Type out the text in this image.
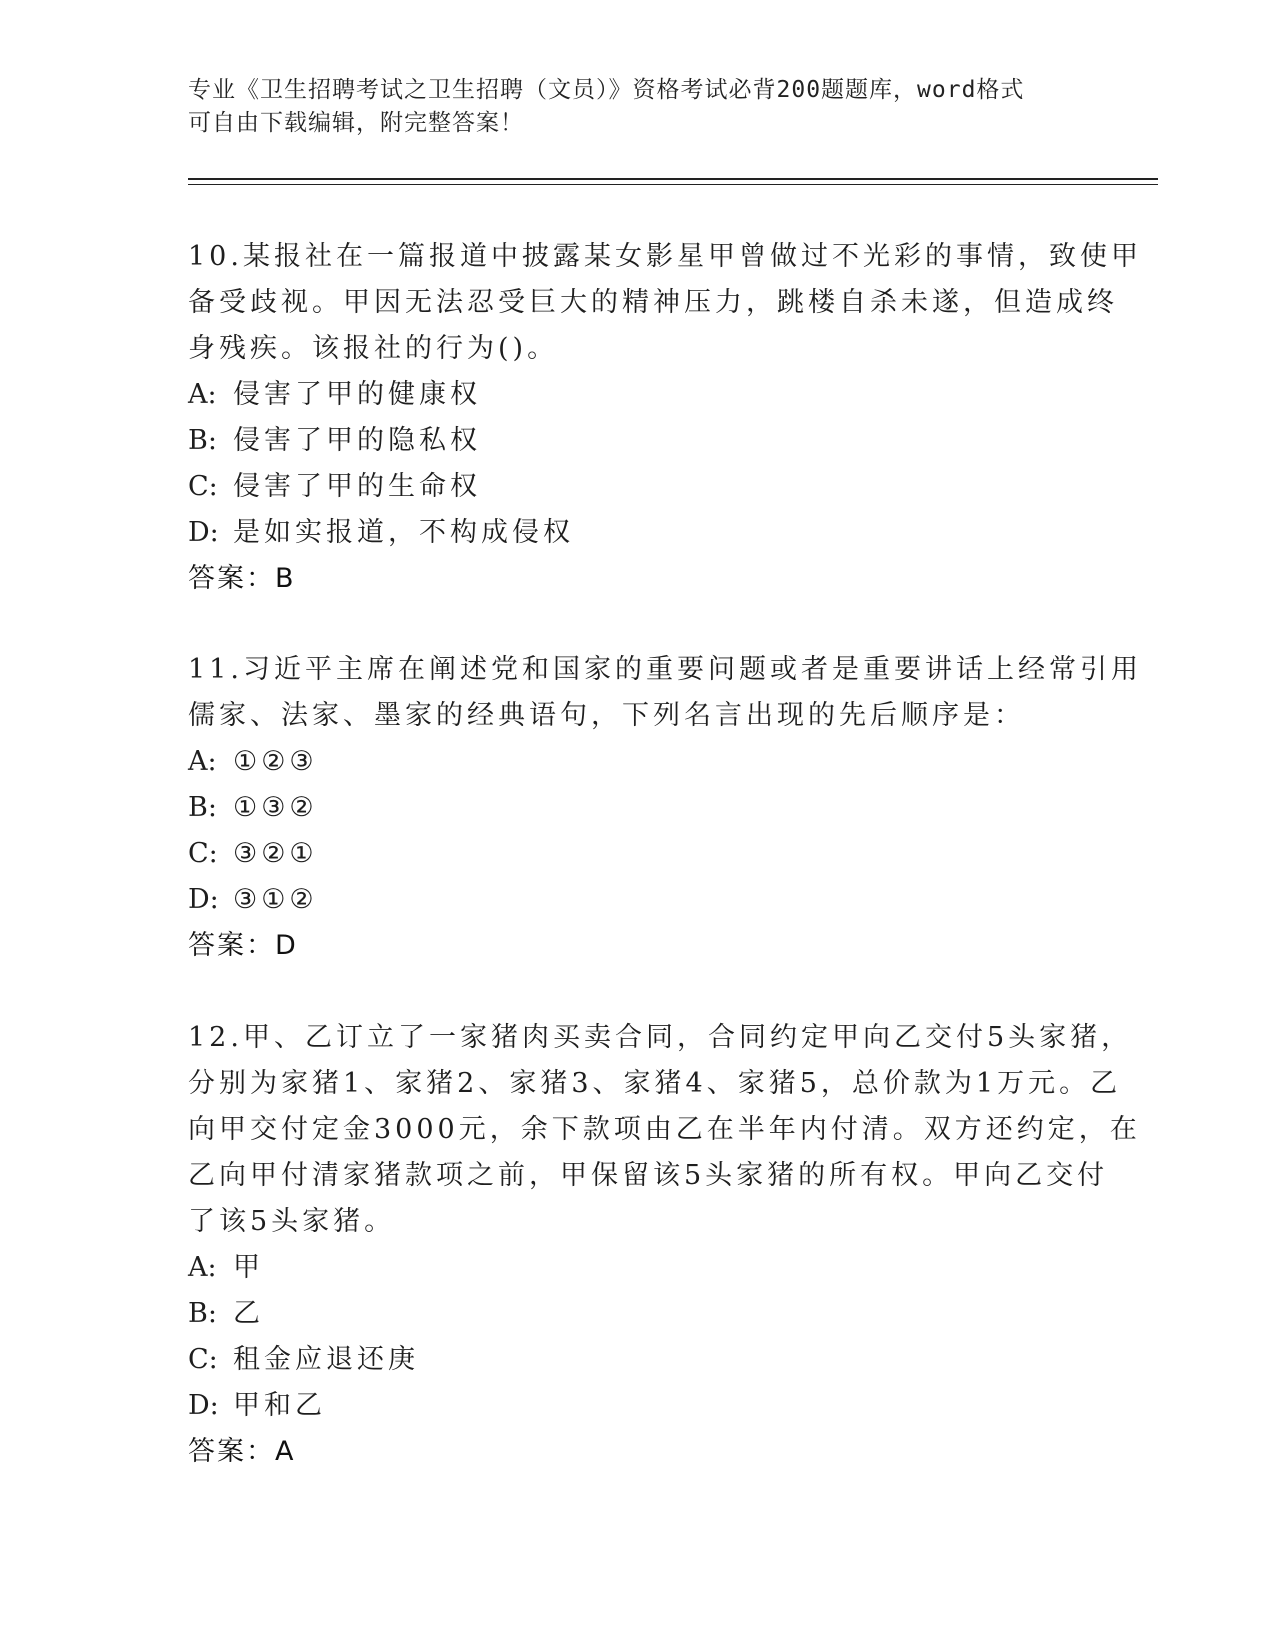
专业《卫生招聘考试之卫生招聘（文员）》资格考试必背200题题库，word格式
可自由下载编辑，附完整答案！
10.某报社在一篇报道中披露某女影星甲曾做过不光彩的事情，致使甲
备受歧视。甲因无法忍受巨大的精神压力，跳楼自杀未遂，但造成终
身残疾。该报社的行为()。
A: 侵害了甲的健康权
B: 侵害了甲的隐私权
C: 侵害了甲的生命权
D: 是如实报道，不构成侵权
答案：B
11.习近平主席在阐述党和国家的重要问题或者是重要讲话上经常引用
儒家、法家、墨家的经典语句，下列名言出现的先后顺序是：
A: ①②③
B: ①③②
C: ③②①
D: ③①②
答案：D
12.甲、乙订立了一家猪肉买卖合同，合同约定甲向乙交付5头家猪，
分别为家猪1、家猪2、家猪3、家猪4、家猪5，总价款为1万元。乙
向甲交付定金3000元，余下款项由乙在半年内付清。双方还约定，在
乙向甲付清家猪款项之前，甲保留该5头家猪的所有权。甲向乙交付
了该5头家猪。
A: 甲
B: 乙
C: 租金应退还庚
D: 甲和乙
答案：A
